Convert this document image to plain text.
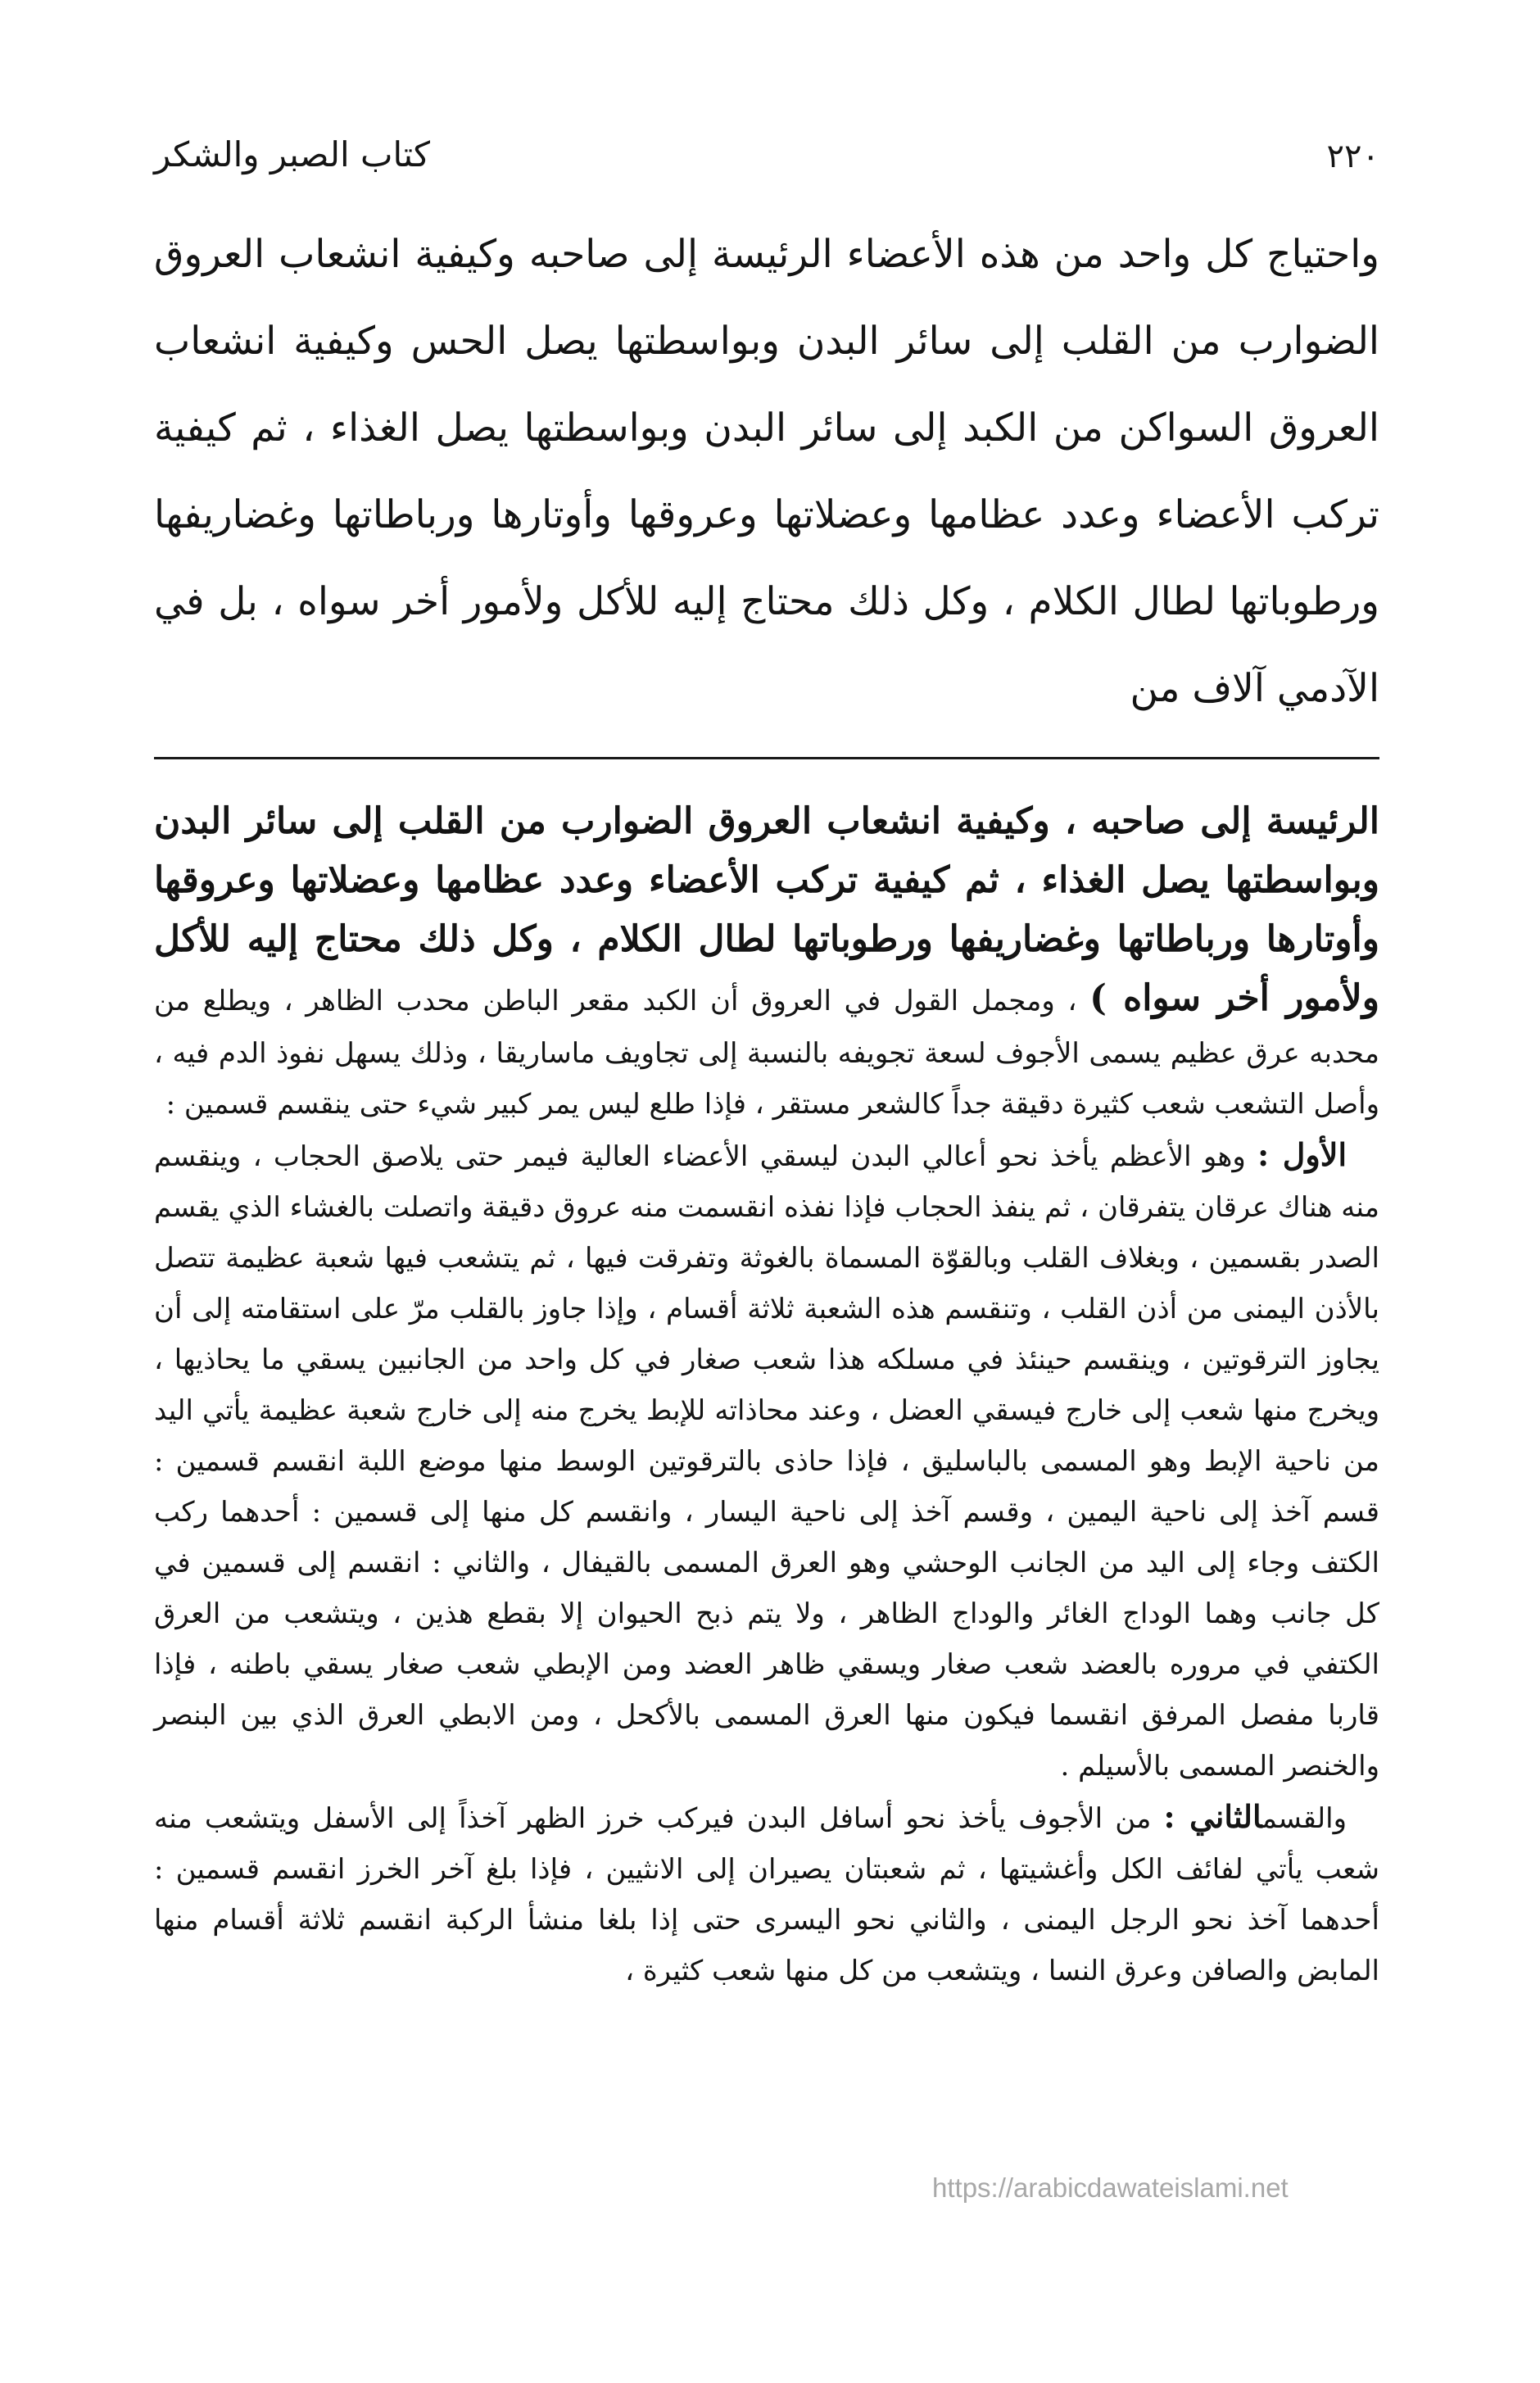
٢٢٠
كتاب الصبر والشكر

واحتياج كل واحد من هذه الأعضاء الرئيسة إلى صاحبه وكيفية انشعاب العروق الضوارب من القلب إلى سائر البدن وبواسطتها يصل الحس وكيفية انشعاب العروق السواكن من الكبد إلى سائر البدن وبواسطتها يصل الغذاء ، ثم كيفية تركب الأعضاء وعدد عظامها وعضلاتها وعروقها وأوتارها ورباطاتها وغضاريفها ورطوباتها لطال الكلام ، وكل ذلك محتاج إليه للأكل ولأمور أخر سواه ، بل في الآدمي آلاف من

الرئيسة إلى صاحبه ، وكيفية انشعاب العروق الضوارب من القلب إلى سائر البدن وبواسطتها يصل الغذاء ، ثم كيفية تركب الأعضاء وعدد عظامها وعضلاتها وعروقها وأوتارها ورباطاتها وغضاريفها ورطوباتها لطال الكلام ، وكل ذلك محتاج إليه للأكل ولأمور أخر سواه ) ، ومجمل القول في العروق أن الكبد مقعر الباطن محدب الظاهر ، ويطلع من محدبه عرق عظيم يسمى الأجوف لسعة تجويفه بالنسبة إلى تجاويف ماساريقا ، وذلك يسهل نفوذ الدم فيه ، وأصل التشعب شعب كثيرة دقيقة جداً كالشعر مستقر ، فإذا طلع ليس يمر كبير شيء حتى ينقسم قسمين :

الأول : وهو الأعظم يأخذ نحو أعالي البدن ليسقي الأعضاء العالية فيمر حتى يلاصق الحجاب ، وينقسم منه هناك عرقان يتفرقان ، ثم ينفذ الحجاب فإذا نفذه انقسمت منه عروق دقيقة واتصلت بالغشاء الذي يقسم الصدر بقسمين ، وبغلاف القلب وبالقوّة المسماة بالغوثة وتفرقت فيها ، ثم يتشعب فيها شعبة عظيمة تتصل بالأذن اليمنى من أذن القلب ، وتنقسم هذه الشعبة ثلاثة أقسام ، وإذا جاوز بالقلب مرّ على استقامته إلى أن يجاوز الترقوتين ، وينقسم حينئذ في مسلكه هذا شعب صغار في كل واحد من الجانبين يسقي ما يحاذيها ، ويخرج منها شعب إلى خارج فيسقي العضل ، وعند محاذاته للإبط يخرج منه إلى خارج شعبة عظيمة يأتي اليد من ناحية الإبط وهو المسمى بالباسليق ، فإذا حاذى بالترقوتين الوسط منها موضع اللبة انقسم قسمين : قسم آخذ إلى ناحية اليمين ، وقسم آخذ إلى ناحية اليسار ، وانقسم كل منها إلى قسمين : أحدهما ركب الكتف وجاء إلى اليد من الجانب الوحشي وهو العرق المسمى بالقيفال ، والثاني : انقسم إلى قسمين في كل جانب وهما الوداج الغائر والوداج الظاهر ، ولا يتم ذبح الحيوان إلا بقطع هذين ، ويتشعب من العرق الكتفي في مروره بالعضد شعب صغار ويسقي ظاهر العضد ومن الإبطي شعب صغار يسقي باطنه ، فإذا قاربا مفصل المرفق انقسما فيكون منها العرق المسمى بالأكحل ، ومن الابطي العرق الذي بين البنصر والخنصر المسمى بالأسيلم .

والقسمالثاني : من الأجوف يأخذ نحو أسافل البدن فيركب خرز الظهر آخذاً إلى الأسفل ويتشعب منه شعب يأتي لفائف الكل وأغشيتها ، ثم شعبتان يصيران إلى الانثيين ، فإذا بلغ آخر الخرز انقسم قسمين : أحدهما آخذ نحو الرجل اليمنى ، والثاني نحو اليسرى حتى إذا بلغا منشأ الركبة انقسم ثلاثة أقسام منها المابض والصافن وعرق النسا ، ويتشعب من كل منها شعب كثيرة ،

https://arabicdawateislami.net
